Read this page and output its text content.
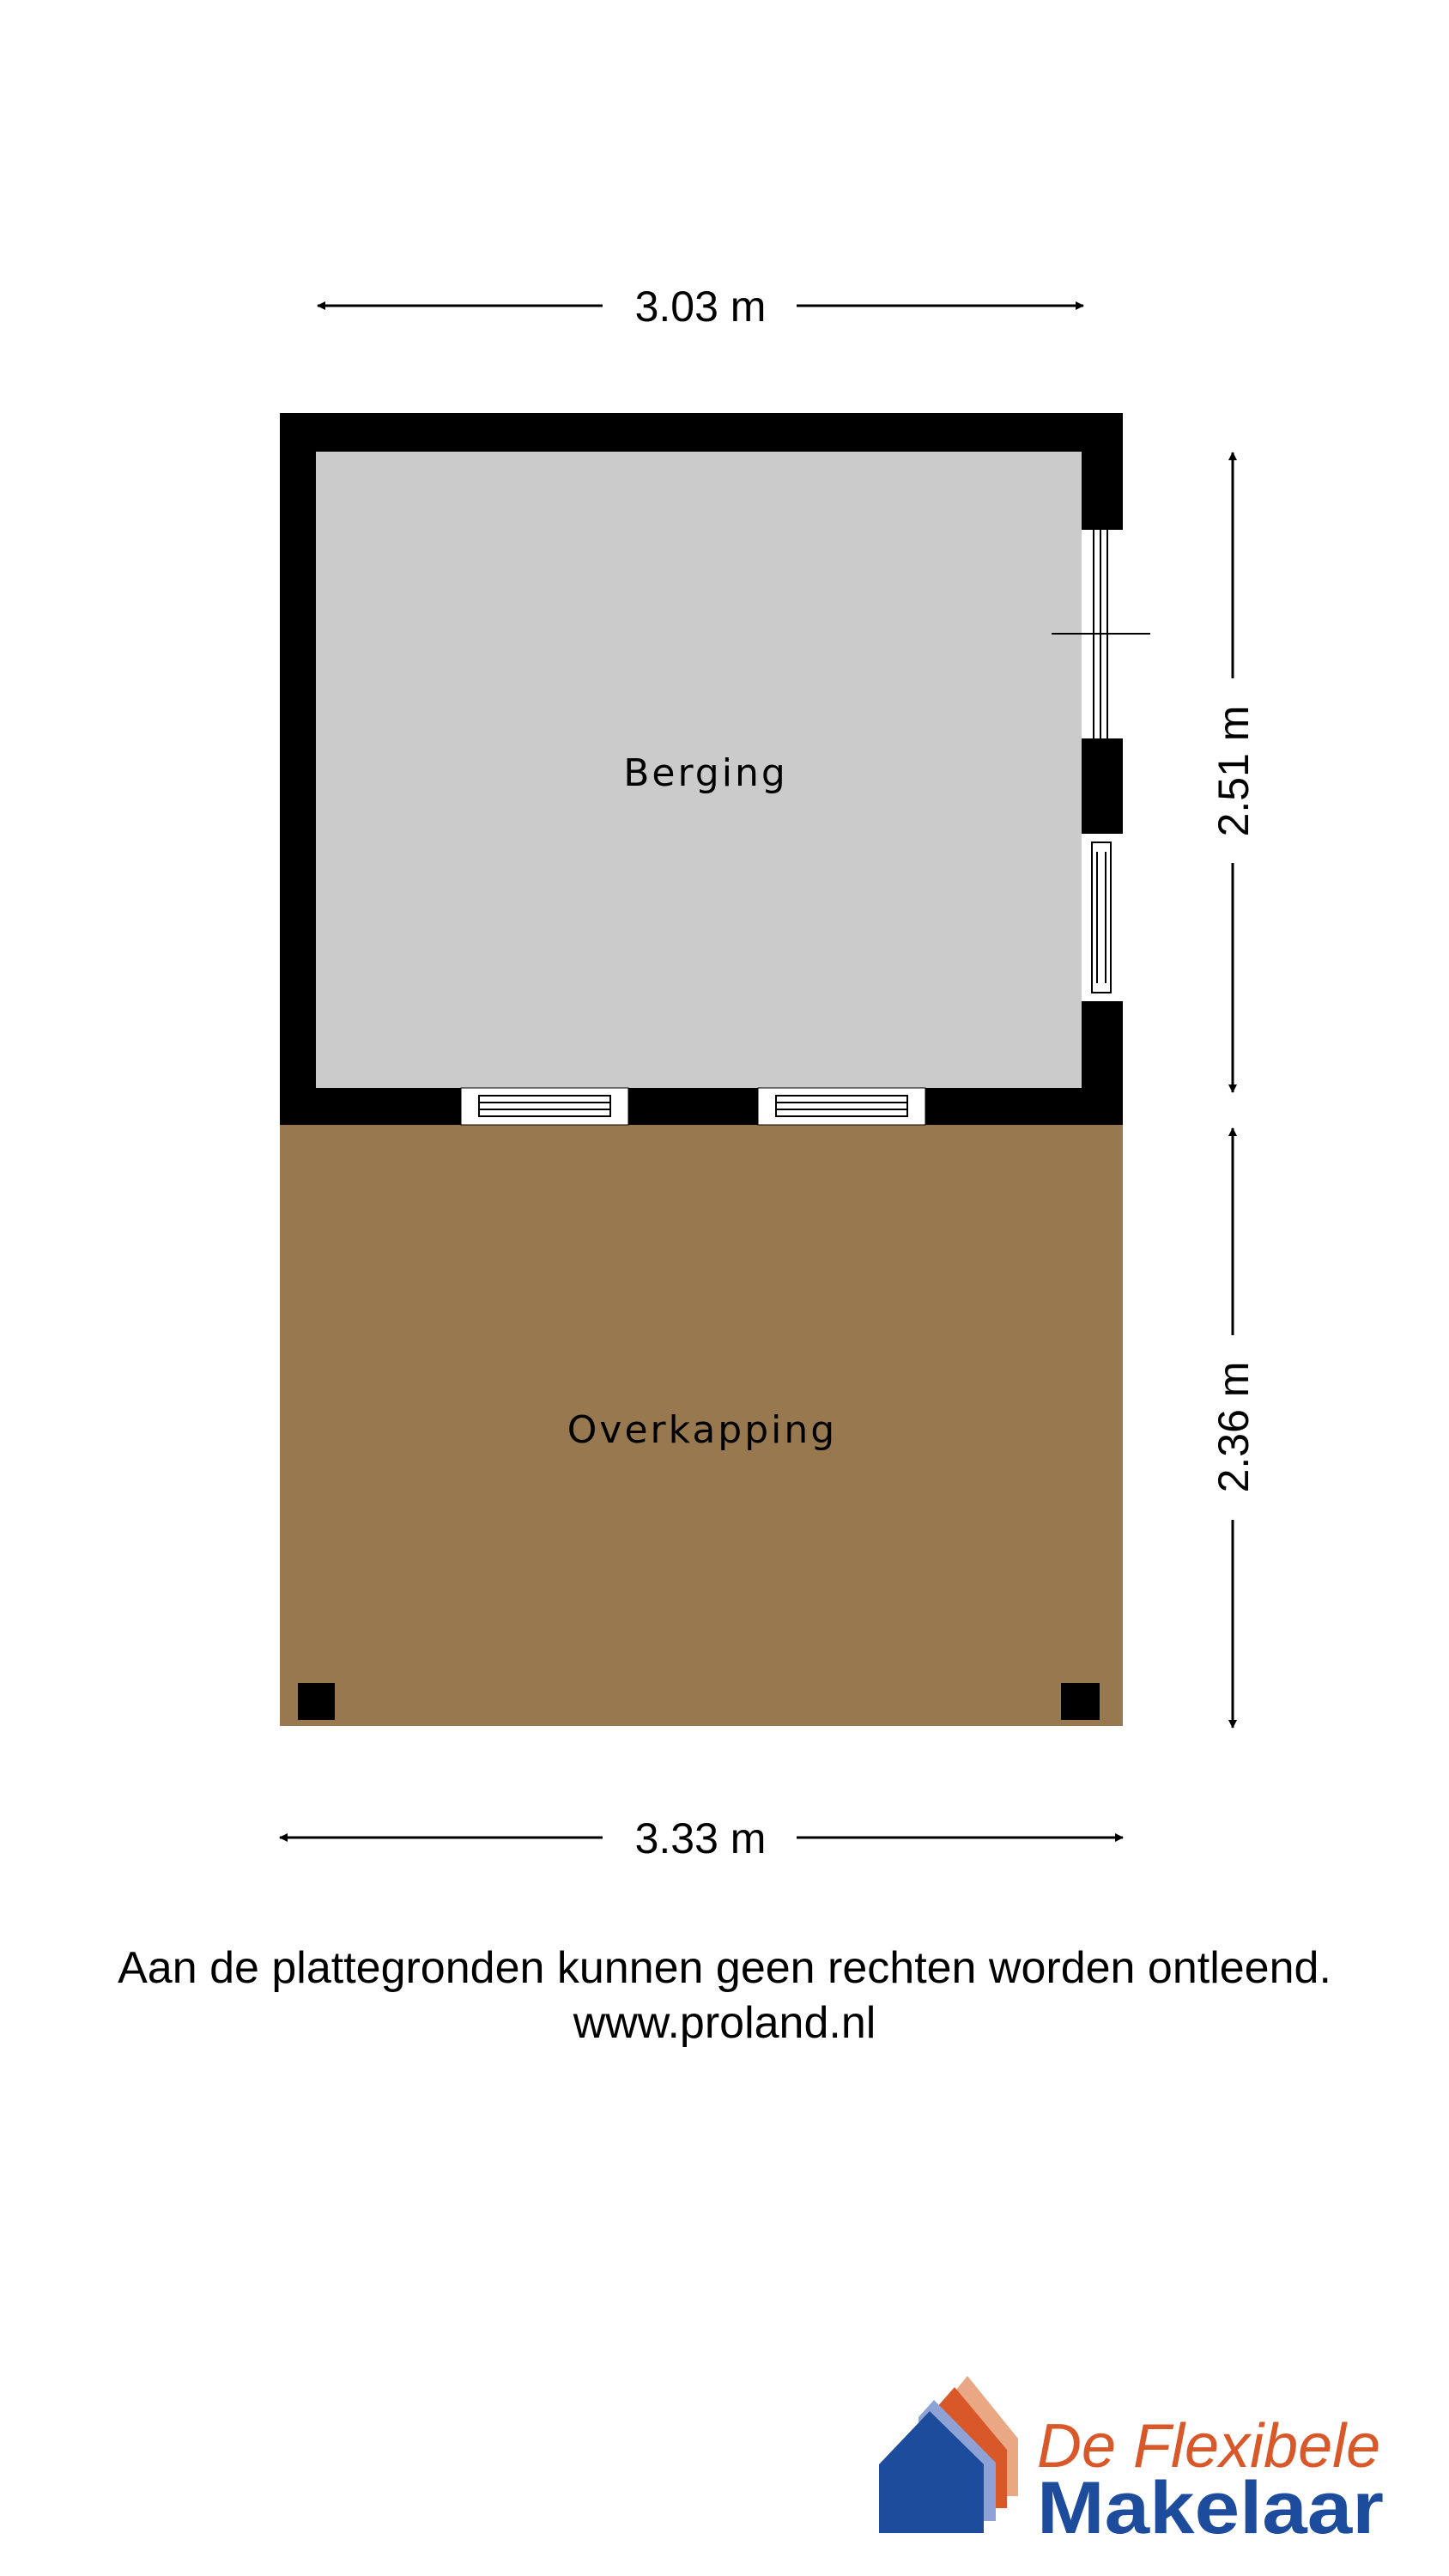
Berging
Overkapping
3.03 m
3.33 m
2.51 m
2.36 m
De Flexibele
Makelaar
Aan de plattegronden kunnen geen rechten worden ontleend.
www.proland.nl
